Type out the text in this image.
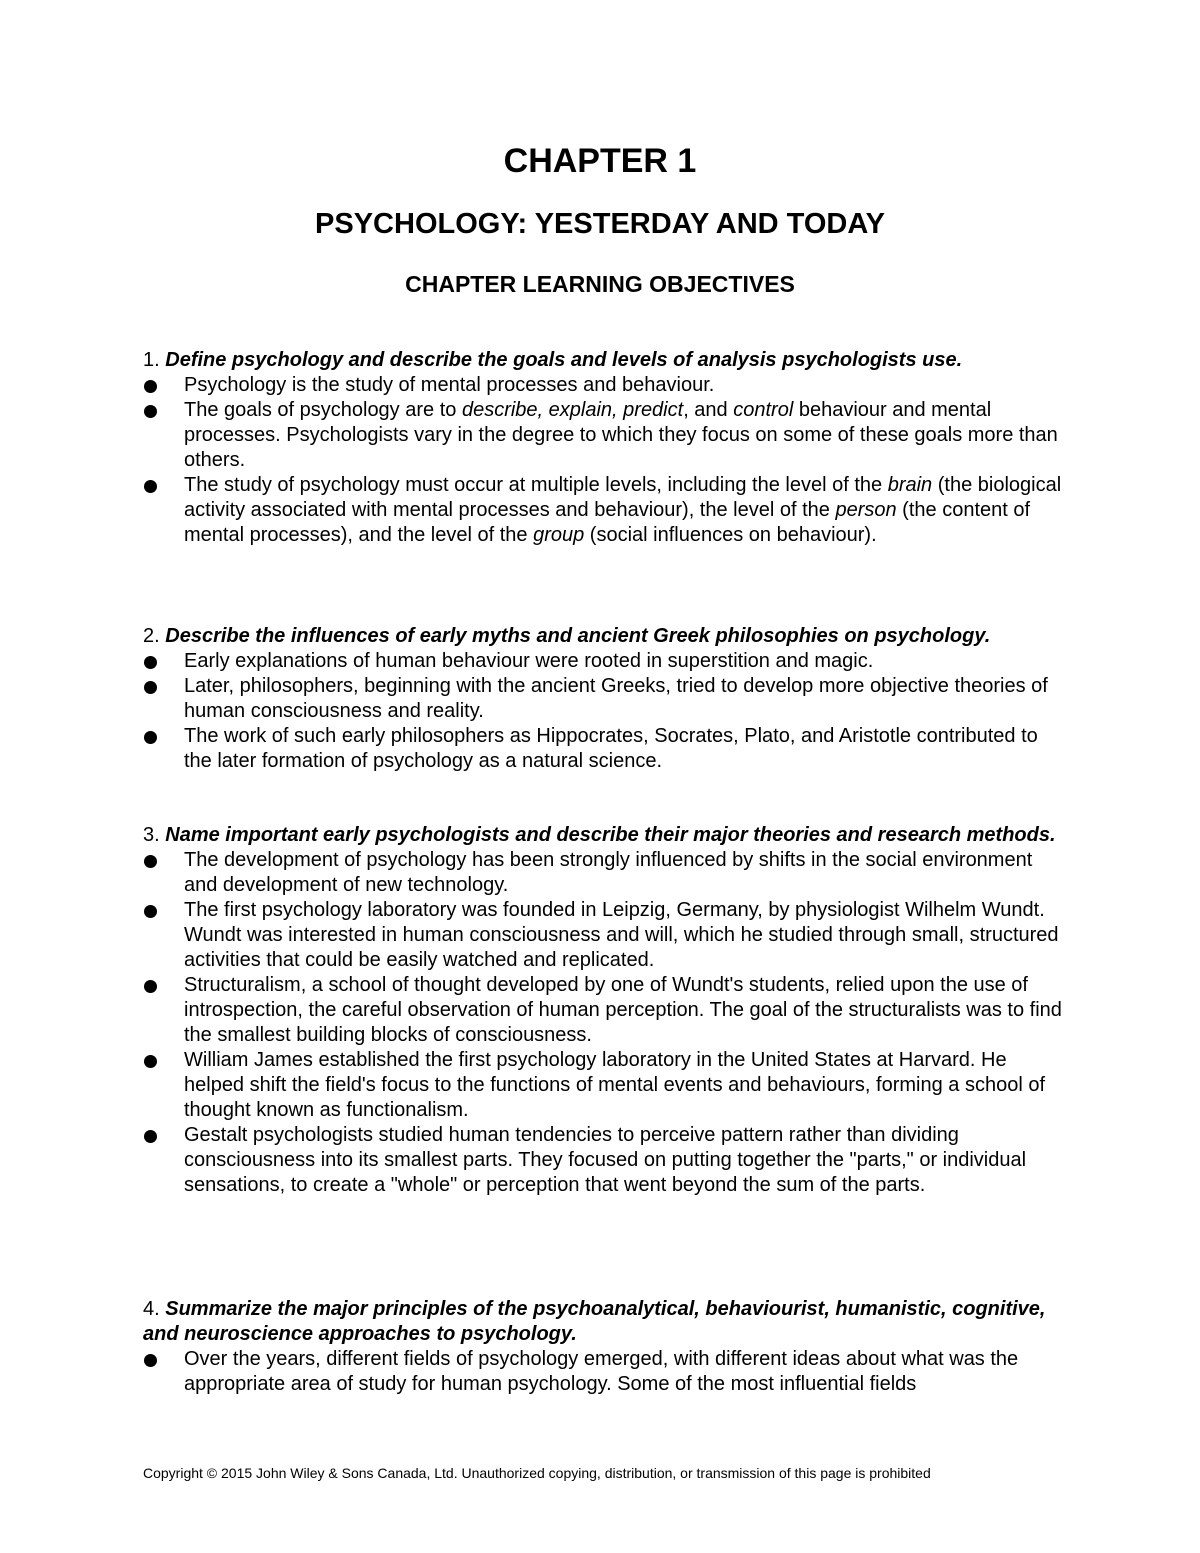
CHAPTER 1
PSYCHOLOGY: YESTERDAY AND TODAY
CHAPTER LEARNING OBJECTIVES

1. Define psychology and describe the goals and levels of analysis psychologists use.

Psychology is the study of mental processes and behaviour.
The goals of psychology are to describe, explain, predict, and control behaviour and mental processes. Psychologists vary in the degree to which they focus on some of these goals more than others.
The study of psychology must occur at multiple levels, including the level of the brain (the biological activity associated with mental processes and behaviour), the level of the person (the content of mental processes), and the level of the group (social influences on behaviour).

2. Describe the influences of early myths and ancient Greek philosophies on psychology.

Early explanations of human behaviour were rooted in superstition and magic.
Later, philosophers, beginning with the ancient Greeks, tried to develop more objective theories of human consciousness and reality.
The work of such early philosophers as Hippocrates, Socrates, Plato, and Aristotle contributed to the later formation of psychology as a natural science.

3. Name important early psychologists and describe their major theories and research methods.

The development of psychology has been strongly influenced by shifts in the social environment and development of new technology.
The first psychology laboratory was founded in Leipzig, Germany, by physiologist Wilhelm Wundt. Wundt was interested in human consciousness and will, which he studied through small, structured activities that could be easily watched and replicated.
Structuralism, a school of thought developed by one of Wundt's students, relied upon the use of introspection, the careful observation of human perception. The goal of the structuralists was to find the smallest building blocks of consciousness.
William James established the first psychology laboratory in the United States at Harvard. He helped shift the field's focus to the functions of mental events and behaviours, forming a school of thought known as functionalism.
Gestalt psychologists studied human tendencies to perceive pattern rather than dividing consciousness into its smallest parts. They focused on putting together the "parts," or individual sensations, to create a "whole" or perception that went beyond the sum of the parts.

4. Summarize the major principles of the psychoanalytical, behaviourist, humanistic, cognitive, and neuroscience approaches to psychology.

Over the years, different fields of psychology emerged, with different ideas about what was the appropriate area of study for human psychology. Some of the most influential fields
Copyright © 2015 John Wiley & Sons Canada, Ltd. Unauthorized copying, distribution, or transmission of this page is prohibited
